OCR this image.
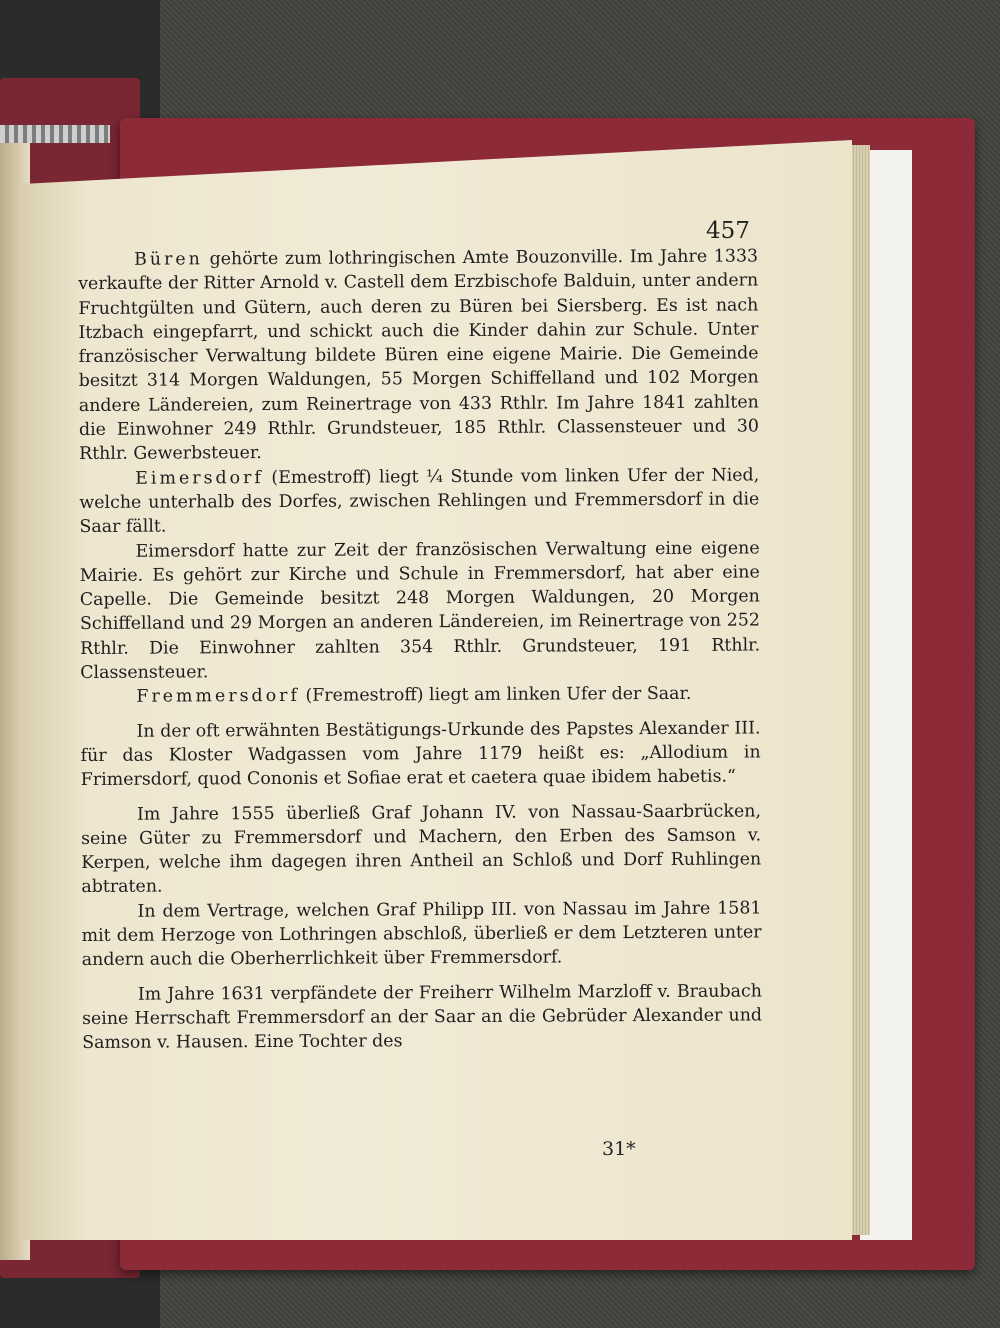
457

Büren gehörte zum lothringischen Amte Bouzonville. Im Jahre 1333 verkaufte der Ritter Arnold v. Castell dem Erzbischofe Balduin, unter andern Fruchtgülten und Gütern, auch deren zu Büren bei Siersberg. Es ist nach Itzbach eingepfarrt, und schickt auch die Kinder dahin zur Schule. Unter französischer Verwaltung bildete Büren eine eigene Mairie. Die Gemeinde besitzt 314 Morgen Waldungen, 55 Morgen Schiffelland und 102 Morgen andere Ländereien, zum Reinertrage von 433 Rthlr. Im Jahre 1841 zahlten die Einwohner 249 Rthlr. Grundsteuer, 185 Rthlr. Classensteuer und 30 Rthlr. Gewerbsteuer.

Eimersdorf (Emestroff) liegt ¼ Stunde vom linken Ufer der Nied, welche unterhalb des Dorfes, zwischen Rehlingen und Fremmersdorf in die Saar fällt.

Eimersdorf hatte zur Zeit der französischen Verwaltung eine eigene Mairie. Es gehört zur Kirche und Schule in Fremmersdorf, hat aber eine Capelle. Die Gemeinde besitzt 248 Morgen Waldungen, 20 Morgen Schiffelland und 29 Morgen an anderen Ländereien, im Reinertrage von 252 Rthlr. Die Einwohner zahlten 354 Rthlr. Grundsteuer, 191 Rthlr. Classensteuer.

Fremmersdorf (Fremestroff) liegt am linken Ufer der Saar.

In der oft erwähnten Bestätigungs-Urkunde des Papstes Alexander III. für das Kloster Wadgassen vom Jahre 1179 heißt es: „Allodium in Frimersdorf, quod Cononis et Sofiae erat et caetera quae ibidem habetis.“

Im Jahre 1555 überließ Graf Johann IV. von Nassau-Saarbrücken, seine Güter zu Fremmersdorf und Machern, den Erben des Samson v. Kerpen, welche ihm dagegen ihren Antheil an Schloß und Dorf Ruhlingen abtraten.

In dem Vertrage, welchen Graf Philipp III. von Nassau im Jahre 1581 mit dem Herzoge von Lothringen abschloß, überließ er dem Letzteren unter andern auch die Oberherrlichkeit über Fremmersdorf.

Im Jahre 1631 verpfändete der Freiherr Wilhelm Marzloff v. Braubach seine Herrschaft Fremmersdorf an der Saar an die Gebrüder Alexander und Samson v. Hausen. Eine Tochter des

31*
